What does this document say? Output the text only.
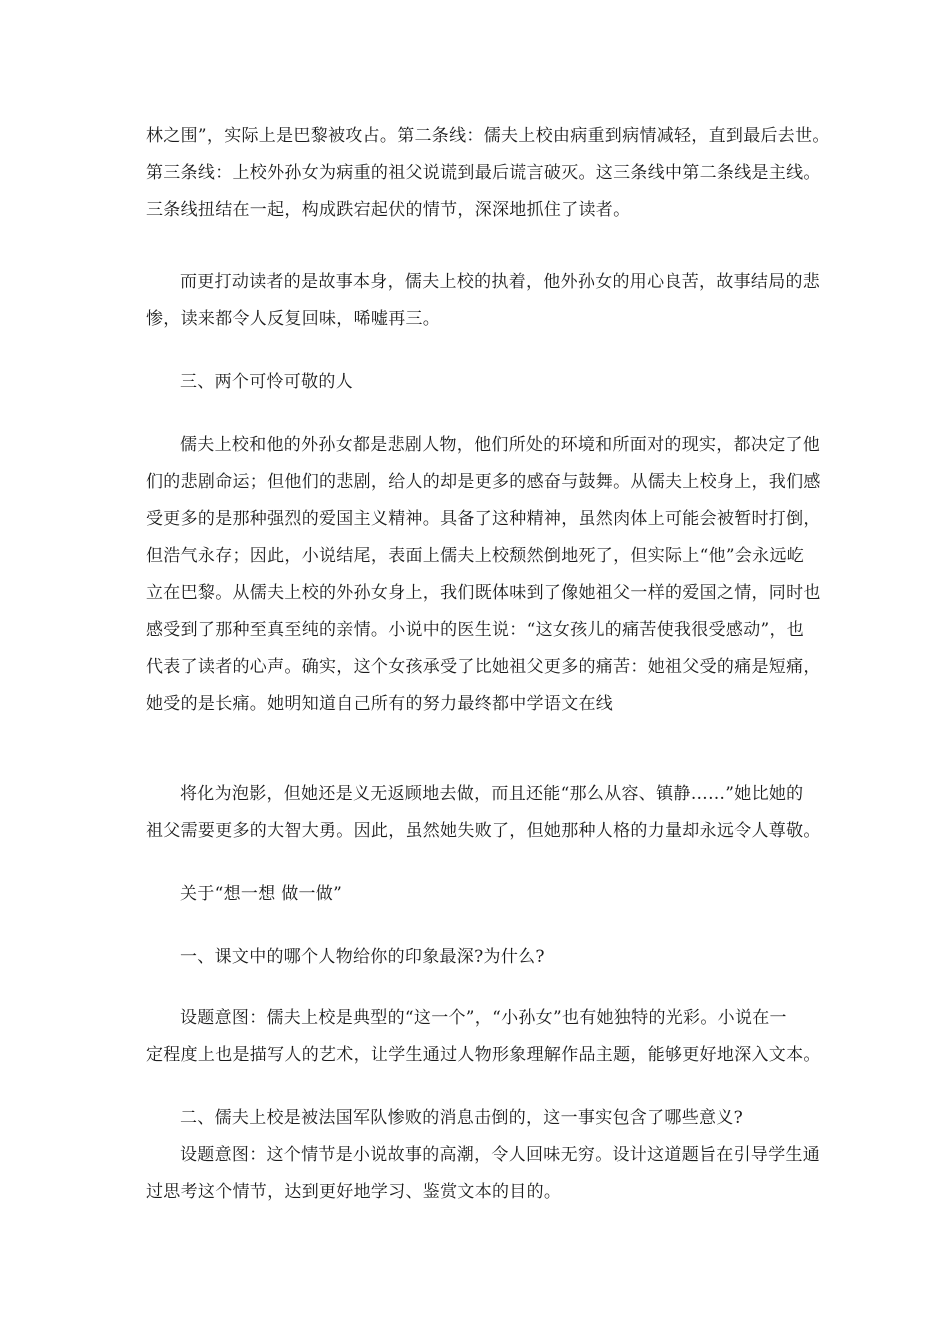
林之围”，实际上是巴黎被攻占。第二条线：儒夫上校由病重到病情减轻，直到最后去世。
第三条线：上校外孙女为病重的祖父说谎到最后谎言破灭。这三条线中第二条线是主线。
三条线扭结在一起，构成跌宕起伏的情节，深深地抓住了读者。

而更打动读者的是故事本身，儒夫上校的执着，他外孙女的用心良苦，故事结局的悲
惨，读来都令人反复回味，唏嘘再三。

三、两个可怜可敬的人

儒夫上校和他的外孙女都是悲剧人物，他们所处的环境和所面对的现实，都决定了他
们的悲剧命运；但他们的悲剧，给人的却是更多的感奋与鼓舞。从儒夫上校身上，我们感
受更多的是那种强烈的爱国主义精神。具备了这种精神，虽然肉体上可能会被暂时打倒，
但浩气永存；因此，小说结尾，表面上儒夫上校颓然倒地死了，但实际上“他”会永远屹
立在巴黎。从儒夫上校的外孙女身上，我们既体味到了像她祖父一样的爱国之情，同时也
感受到了那种至真至纯的亲情。小说中的医生说：“这女孩儿的痛苦使我很受感动”，也
代表了读者的心声。确实，这个女孩承受了比她祖父更多的痛苦：她祖父受的痛是短痛，
她受的是长痛。她明知道自己所有的努力最终都中学语文在线

将化为泡影，但她还是义无返顾地去做，而且还能“那么从容、镇静……”她比她的
祖父需要更多的大智大勇。因此，虽然她失败了，但她那种人格的力量却永远令人尊敬。

关于“想一想 做一做”

一、课文中的哪个人物给你的印象最深?为什么?

设题意图：儒夫上校是典型的“这一个”，“小孙女”也有她独特的光彩。小说在一
定程度上也是描写人的艺术，让学生通过人物形象理解作品主题，能够更好地深入文本。

二、儒夫上校是被法国军队惨败的消息击倒的，这一事实包含了哪些意义?
设题意图：这个情节是小说故事的高潮，令人回味无穷。设计这道题旨在引导学生通
过思考这个情节，达到更好地学习、鉴赏文本的目的。
